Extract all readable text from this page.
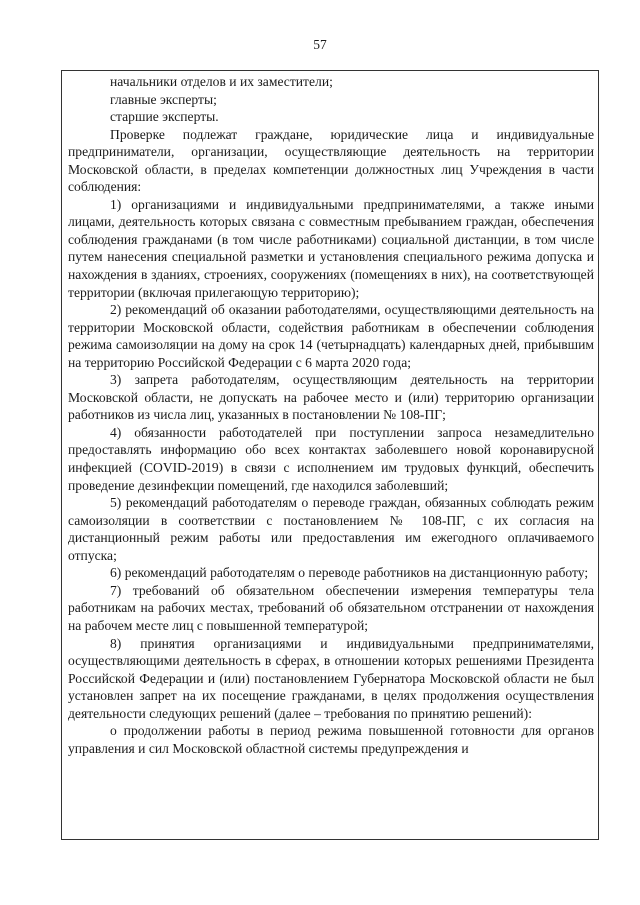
57

начальники отделов и их заместители;

главные эксперты;

старшие эксперты.

Проверке подлежат граждане, юридические лица и индивидуальные предприниматели, организации, осуществляющие деятельность на территории Московской области, в пределах компетенции должностных лиц Учреждения в части соблюдения:

1) организациями и индивидуальными предпринимателями, а также иными лицами, деятельность которых связана с совместным пребыванием граждан, обеспечения соблюдения гражданами (в том числе работниками) социальной дистанции, в том числе путем нанесения специальной разметки и установления специального режима допуска и нахождения в зданиях, строениях, сооружениях (помещениях в них), на соответствующей территории (включая прилегающую территорию);

2) рекомендаций об оказании работодателями, осуществляющими деятельность на территории Московской области, содействия работникам в обеспечении соблюдения режима самоизоляции на дому на срок 14 (четырнадцать) календарных дней, прибывшим на территорию Российской Федерации с 6 марта 2020 года;

3) запрета работодателям, осуществляющим деятельность на территории Московской области, не допускать на рабочее место и (или) территорию организации работников из числа лиц, указанных в постановлении № 108-ПГ;

4) обязанности работодателей при поступлении запроса незамедлительно предоставлять информацию обо всех контактах заболевшего новой коронавирусной инфекцией (COVID-2019) в связи с исполнением им трудовых функций, обеспечить проведение дезинфекции помещений, где находился заболевший;

5) рекомендаций работодателям о переводе граждан, обязанных соблюдать режим самоизоляции в соответствии с постановлением № 108-ПГ, с их согласия на дистанционный режим работы или предоставления им ежегодного оплачиваемого отпуска;

6) рекомендаций работодателям о переводе работников на дистанционную работу;

7) требований об обязательном обеспечении измерения температуры тела работникам на рабочих местах, требований об обязательном отстранении от нахождения на рабочем месте лиц с повышенной температурой;

8) принятия организациями и индивидуальными предпринимателями, осуществляющими деятельность в сферах, в отношении которых решениями Президента Российской Федерации и (или) постановлением Губернатора Московской области не был установлен запрет на их посещение гражданами, в целях продолжения осуществления деятельности следующих решений (далее – требования по принятию решений):

о продолжении работы в период режима повышенной готовности для органов управления и сил Московской областной системы предупреждения и
